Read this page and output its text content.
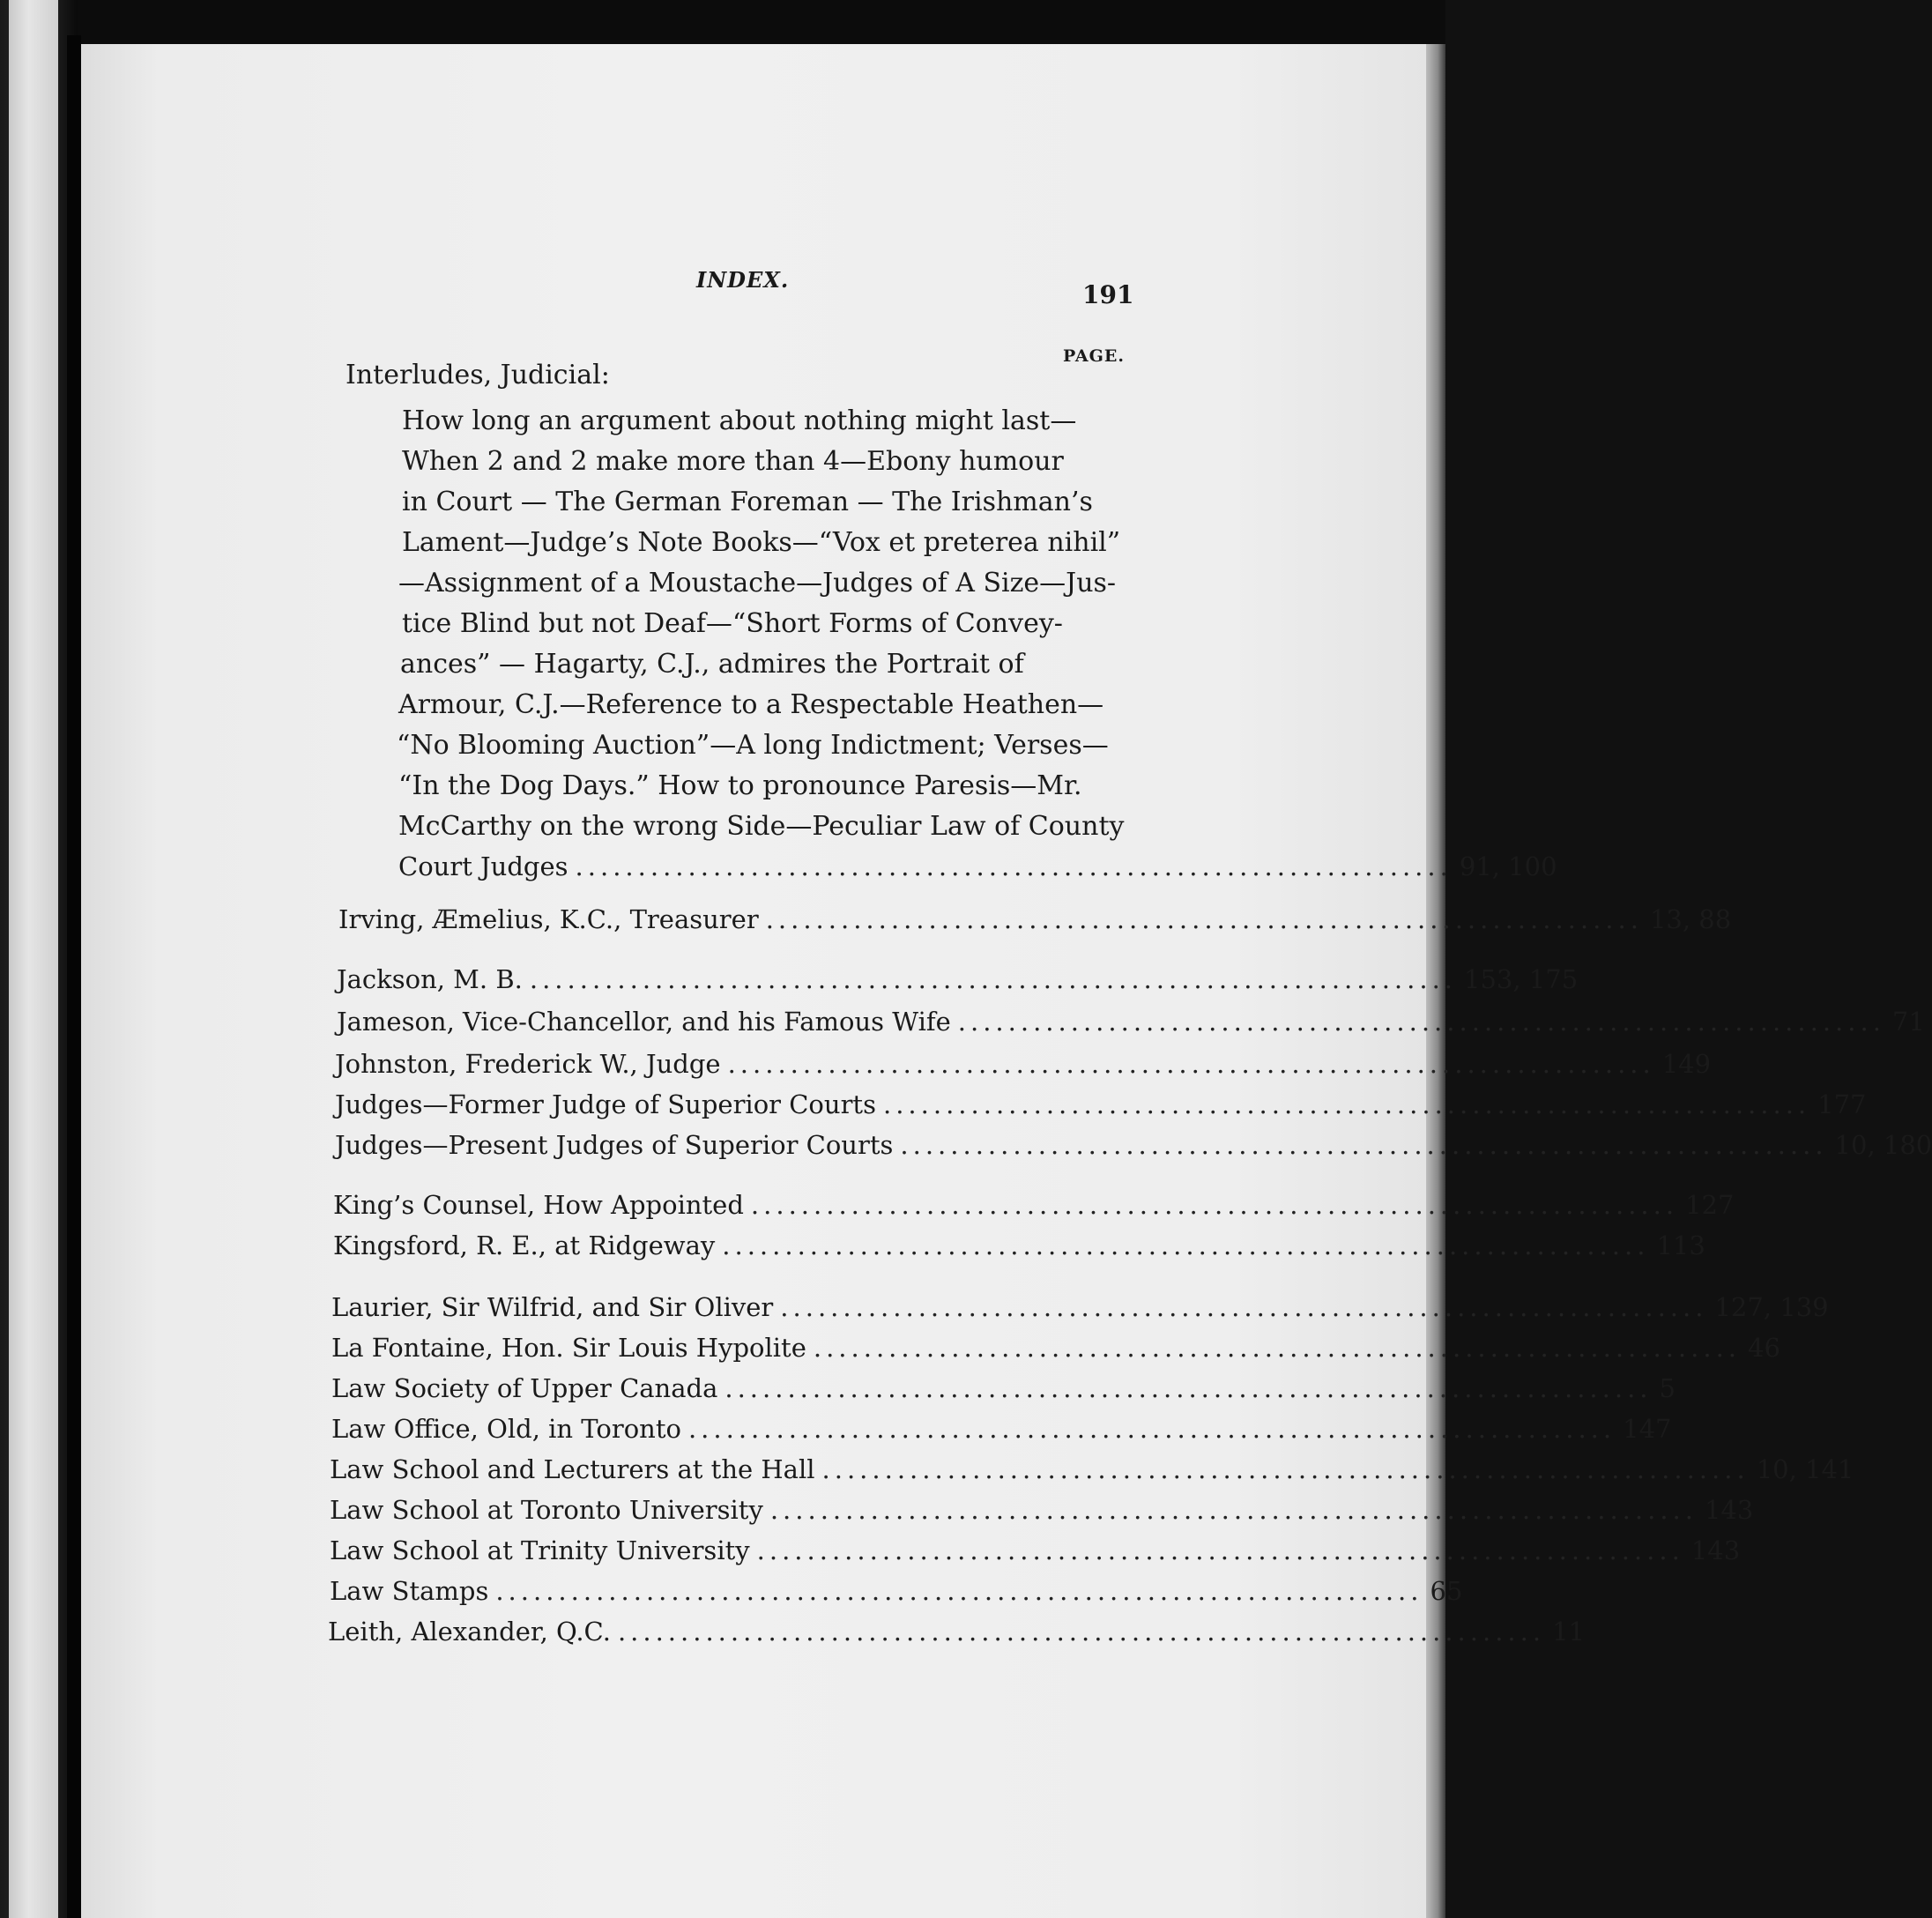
INDEX.
191
PAGE.
Interludes, Judicial:
How long an argument about nothing might last—
When 2 and 2 make more than 4—Ebony humour
in Court — The German Foreman — The Irishman’s
Lament—Judge’s Note Books—“Vox et preterea nihil”
—Assignment of a Moustache—Judges of A Size—Jus-
tice Blind but not Deaf—“Short Forms of Convey-
ances” — Hagarty, C.J., admires the Portrait of
Armour, C.J.—Reference to a Respectable Heathen—
“No Blooming Auction”—A long Indictment; Verses—
“In the Dog Days.” How to pronounce Paresis—Mr.
McCarthy on the wrong Side—Peculiar Law of County
Court Judges ...................................................................... 91, 100
Irving, Æmelius, K.C., Treasurer ...................................................................... 13, 88
Jackson, M. B. .......................................................................... 153, 175
Jameson, Vice-Chancellor, and his Famous Wife .......................................................................... 71
Johnston, Frederick W., Judge .......................................................................... 149
Judges—Former Judge of Superior Courts .......................................................................... 177
Judges—Present Judges of Superior Courts .......................................................................... 10, 180
King’s Counsel, How Appointed .......................................................................... 127
Kingsford, R. E., at Ridgeway .......................................................................... 113
Laurier, Sir Wilfrid, and Sir Oliver .......................................................................... 127, 139
La Fontaine, Hon. Sir Louis Hypolite .......................................................................... 46
Law Society of Upper Canada .......................................................................... 5
Law Office, Old, in Toronto .......................................................................... 147
Law School and Lecturers at the Hall .......................................................................... 10, 141
Law School at Toronto University .......................................................................... 143
Law School at Trinity University .......................................................................... 143
Law Stamps .......................................................................... 65
Leith, Alexander, Q.C. .......................................................................... 11
